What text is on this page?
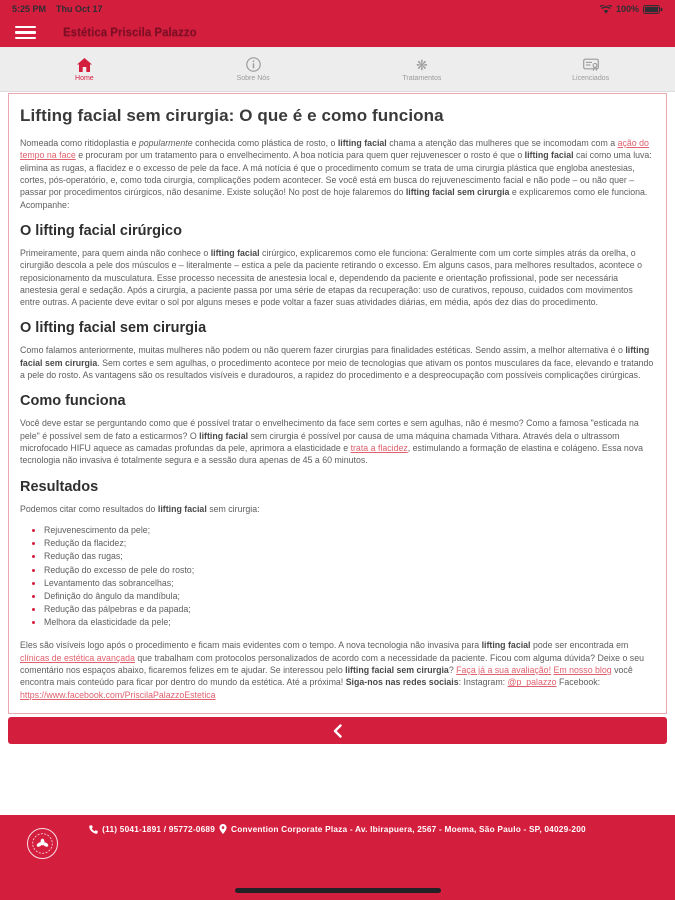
5:25 PM Thu Oct 17	100%
Estética Priscila Palazzo
Home	Sobre Nós
❋
Tratamentos	Licenciados
Lifting facial sem cirurgia: O que é e como funciona

Nomeada como ritidoplastia e popularmente conhecida como plástica de rosto, o lifting facial chama a atenção das mulheres que se incomodam com a ação do tempo na face e procuram por um tratamento para o envelhecimento. A boa notícia para quem quer rejuvenescer o rosto é que o lifting facial cai como uma luva: elimina as rugas, a flacidez e o excesso de pele da face. A má notícia é que o procedimento comum se trata de uma cirurgia plástica que engloba anestesias, cortes, pós-operatório, e, como toda cirurgia, complicações podem acontecer. Se você está em busca do rejuvenescimento facial e não pode – ou não quer – passar por procedimentos cirúrgicos, não desanime. Existe solução! No post de hoje falaremos do lifting facial sem cirurgia e explicaremos como ele funciona. Acompanhe:

O lifting facial cirúrgico

Primeiramente, para quem ainda não conhece o lifting facial cirúrgico, explicaremos como ele funciona: Geralmente com um corte simples atrás da orelha, o cirurgião descola a pele dos músculos e – literalmente – estica a pele da paciente retirando o excesso. Em alguns casos, para melhores resultados, acontece o reposicionamento da musculatura. Esse processo necessita de anestesia local e, dependendo da paciente e orientação profissional, pode ser necessária anestesia geral e sedação. Após a cirurgia, a paciente passa por uma série de etapas da recuperação: uso de curativos, repouso, cuidados com movimentos entre outras. A paciente deve evitar o sol por alguns meses e pode voltar a fazer suas atividades diárias, em média, após dez dias do procedimento.

O lifting facial sem cirurgia

Como falamos anteriormente, muitas mulheres não podem ou não querem fazer cirurgias para finalidades estéticas. Sendo assim, a melhor alternativa é o lifting facial sem cirurgia. Sem cortes e sem agulhas, o procedimento acontece por meio de tecnologias que ativam os pontos musculares da face, elevando e tratando a pele do rosto. As vantagens são os resultados visíveis e duradouros, a rapidez do procedimento e a despreocupação com possíveis complicações cirúrgicas.

Como funciona

Você deve estar se perguntando como que é possível tratar o envelhecimento da face sem cortes e sem agulhas, não é mesmo? Como a famosa "esticada na pele" é possível sem de fato a esticarmos? O lifting facial sem cirurgia é possível por causa de uma máquina chamada Vithara. Através dela o ultrassom microfocado HIFU aquece as camadas profundas da pele, aprimora a elasticidade e trata a flacidez, estimulando a formação de elastina e colágeno. Essa nova tecnologia não invasiva é totalmente segura e a sessão dura apenas de 45 a 60 minutos.

Resultados

Podemos citar como resultados do lifting facial sem cirurgia:

• Rejuvenescimento da pele;
• Redução da flacidez;
• Redução das rugas;
• Redução do excesso de pele do rosto;
• Levantamento das sobrancelhas;
• Definição do ângulo da mandíbula;
• Redução das pálpebras e da papada;
• Melhora da elasticidade da pele;

Eles são visíveis logo após o procedimento e ficam mais evidentes com o tempo. A nova tecnologia não invasiva para lifting facial pode ser encontrada em clínicas de estética avançada que trabalham com protocolos personalizados de acordo com a necessidade da paciente. Ficou com alguma dúvida? Deixe o seu comentário nos espaços abaixo, ficaremos felizes em te ajudar. Se interessou pelo lifting facial sem cirurgia? Faça já a sua avaliação! Em nosso blog você encontra mais conteúdo para ficar por dentro do mundo da estética. Até a próxima! Siga-nos nas redes sociais: Instagram: @p_palazzo Facebook: https://www.facebook.com/PriscilaPalazzoEstetica

(11) 5041-1891 / 95772-0689 Convention Corporate Plaza - Av. Ibirapuera, 2567 - Moema, São Paulo - SP, 04029-200
